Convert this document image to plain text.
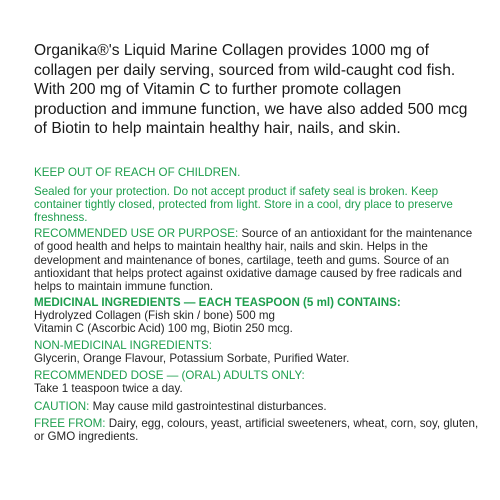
Organika®'s Liquid Marine Collagen provides 1000 mg of collagen per daily serving, sourced from wild-caught cod fish. With 200 mg of Vitamin C to further promote collagen production and immune function, we have also added 500 mcg of Biotin to help maintain healthy hair, nails, and skin.

KEEP OUT OF REACH OF CHILDREN.

Sealed for your protection. Do not accept product if safety seal is broken. Keep container tightly closed, protected from light. Store in a cool, dry place to preserve freshness.

RECOMMENDED USE OR PURPOSE: Source of an antioxidant for the maintenance of good health and helps to maintain healthy hair, nails and skin. Helps in the development and maintenance of bones, cartilage, teeth and gums. Source of an antioxidant that helps protect against oxidative damage caused by free radicals and helps to maintain immune function.

MEDICINAL INGREDIENTS — EACH TEASPOON (5 ml) CONTAINS:

Hydrolyzed Collagen (Fish skin / bone) 500 mg

Vitamin C (Ascorbic Acid) 100 mg, Biotin 250 mcg.

NON-MEDICINAL INGREDIENTS:

Glycerin, Orange Flavour, Potassium Sorbate, Purified Water.

RECOMMENDED DOSE — (ORAL) ADULTS ONLY:

Take 1 teaspoon twice a day.

CAUTION: May cause mild gastrointestinal disturbances.

FREE FROM: Dairy, egg, colours, yeast, artificial sweeteners, wheat, corn, soy, gluten, or GMO ingredients.
